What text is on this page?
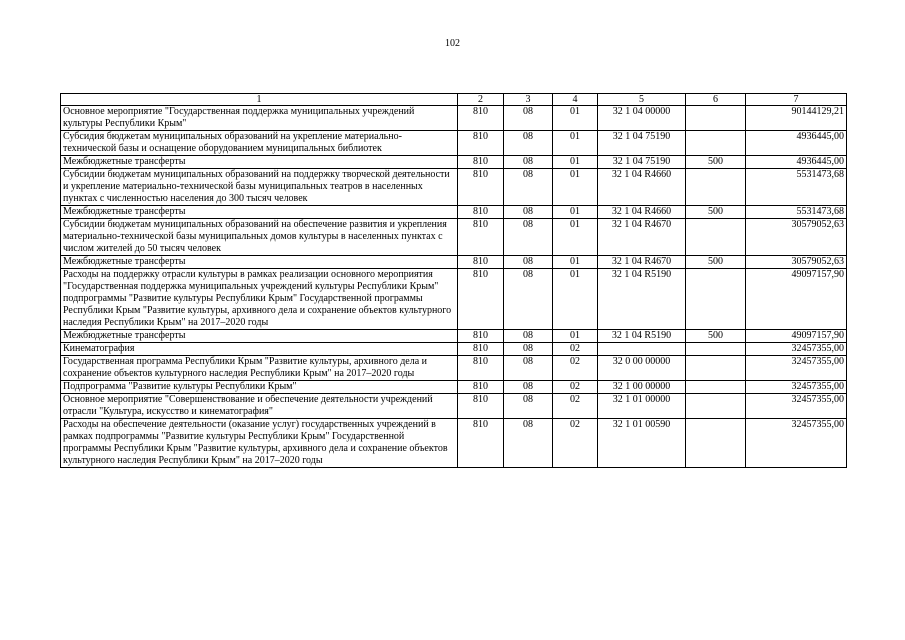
102
1	2	3	4	5	6	7

Основное мероприятие "Государственная поддержка муниципальных учреждений культуры Республики Крым"	810	08	01	32 1 04 00000		90144129,21

Субсидия бюджетам муниципальных образований на укрепление материально-технической базы и оснащение оборудованием муниципальных библиотек	810	08	01	32 1 04 75190		4936445,00

Межбюджетные трансферты	810	08	01	32 1 04 75190	500	4936445,00

Субсидии бюджетам муниципальных образований на поддержку творческой деятельности и укрепление материально-технической базы муниципальных театров в населенных пунктах с численностью населения до 300 тысяч человек	810	08	01	32 1 04 R4660		5531473,68

Межбюджетные трансферты	810	08	01	32 1 04 R4660	500	5531473,68

Субсидии бюджетам муниципальных образований на обеспечение развития и укрепления материально-технической базы муниципальных домов культуры в населенных пунктах с числом жителей до 50 тысяч человек	810	08	01	32 1 04 R4670		30579052,63

Межбюджетные трансферты	810	08	01	32 1 04 R4670	500	30579052,63

Расходы на поддержку отрасли культуры в рамках реализации основного мероприятия "Государственная поддержка муниципальных учреждений культуры Республики Крым" подпрограммы "Развитие культуры Республики Крым" Государственной программы Республики Крым "Развитие культуры, архивного дела и сохранение объектов культурного наследия Республики Крым" на 2017–2020 годы	810	08	01	32 1 04 R5190		49097157,90

Межбюджетные трансферты	810	08	01	32 1 04 R5190	500	49097157,90

Кинематография	810	08	02			32457355,00

Государственная программа Республики Крым "Развитие культуры, архивного дела и сохранение объектов культурного наследия Республики Крым" на 2017–2020 годы	810	08	02	32 0 00 00000		32457355,00

Подпрограмма "Развитие культуры Республики Крым"	810	08	02	32 1 00 00000		32457355,00

Основное мероприятие "Совершенствование и обеспечение деятельности учреждений отрасли "Культура, искусство и кинематография"	810	08	02	32 1 01 00000		32457355,00

Расходы на обеспечение деятельности (оказание услуг) государственных учреждений в рамках подпрограммы "Развитие культуры Республики Крым" Государственной программы Республики Крым "Развитие культуры, архивного дела и сохранение объектов культурного наследия Республики Крым" на 2017–2020 годы	810	08	02	32 1 01 00590		32457355,00
